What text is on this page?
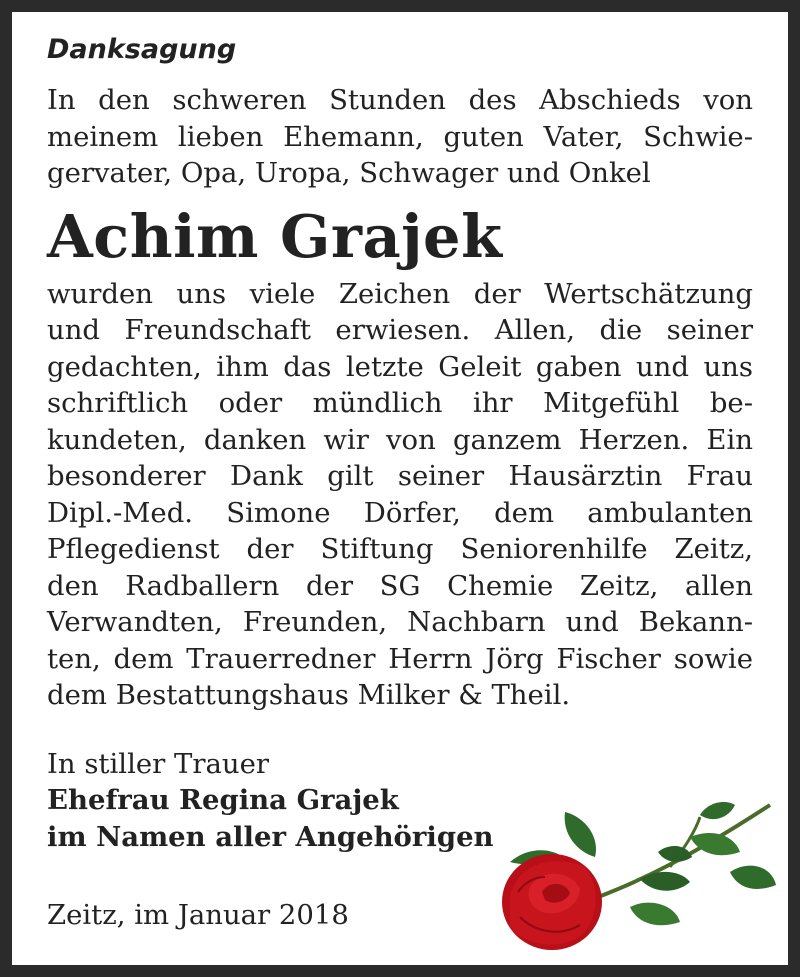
Danksagung
In den schweren Stunden des Abschieds von
meinem lieben Ehemann, guten Vater, Schwie-
gervater, Opa, Uropa, Schwager und Onkel
Achim Grajek
wurden uns viele Zeichen der Wertschätzung
und Freundschaft erwiesen. Allen, die seiner
gedachten, ihm das letzte Geleit gaben und uns
schriftlich oder mündlich ihr Mitgefühl be-
kundeten, danken wir von ganzem Herzen. Ein
besonderer Dank gilt seiner Hausärztin Frau
Dipl.-Med. Simone Dörfer, dem ambulanten
Pflegedienst der Stiftung Seniorenhilfe Zeitz,
den Radballern der SG Chemie Zeitz, allen
Verwandten, Freunden, Nachbarn und Bekann-
ten, dem Trauerredner Herrn Jörg Fischer sowie
dem Bestattungshaus Milker & Theil.

In stiller Trauer

Ehefrau Regina Grajek

im Namen aller Angehörigen

Zeitz, im Januar 2018
